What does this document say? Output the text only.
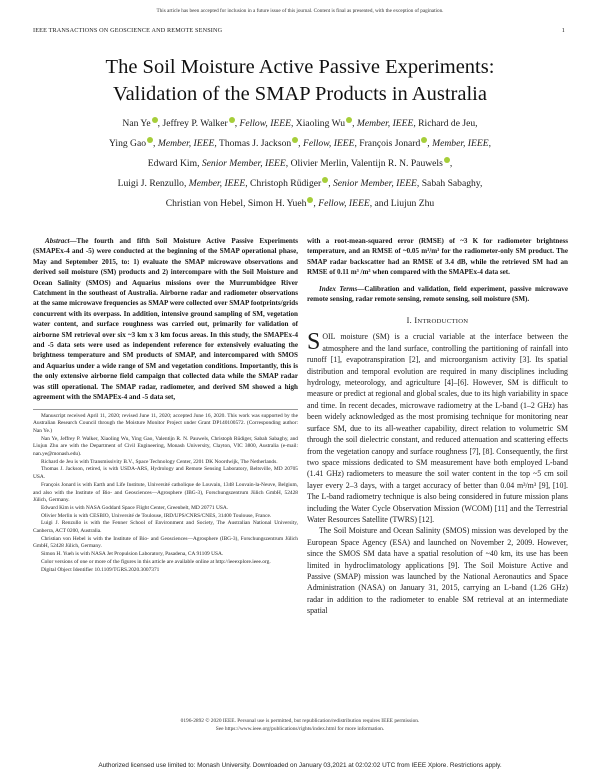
This article has been accepted for inclusion in a future issue of this journal. Content is final as presented, with the exception of pagination.
IEEE TRANSACTIONS ON GEOSCIENCE AND REMOTE SENSING	1
The Soil Moisture Active Passive Experiments:
Validation of the SMAP Products in Australia
Nan Ye , Jeffrey P. Walker , Fellow, IEEE, Xiaoling Wu , Member, IEEE, Richard de Jeu,
Ying Gao , Member, IEEE, Thomas J. Jackson , Fellow, IEEE, François Jonard , Member, IEEE,
Edward Kim, Senior Member, IEEE, Olivier Merlin, Valentijn R. N. Pauwels ,
Luigi J. Renzullo, Member, IEEE, Christoph Rüdiger , Senior Member, IEEE, Sabah Sabaghy,
Christian von Hebel, Simon H. Yueh , Fellow, IEEE, and Liujun Zhu

Abstract—The fourth and fifth Soil Moisture Active Passive Experiments (SMAPEx-4 and -5) were conducted at the beginning of the SMAP operational phase, May and September 2015, to: 1) evaluate the SMAP microwave observations and derived soil moisture (SM) products and 2) intercompare with the Soil Moisture and Ocean Salinity (SMOS) and Aquarius missions over the Murrumbidgee River Catchment in the southeast of Australia. Airborne radar and radiometer observations at the same microwave frequencies as SMAP were collected over SMAP footprints/grids concurrent with its overpass. In addition, intensive ground sampling of SM, vegetation water content, and surface roughness was carried out, primarily for validation of airborne SM retrieval over six ~3 km x 3 km focus areas. In this study, the SMAPEx-4 and -5 data sets were used as independent reference for extensively evaluating the brightness temperature and SM products of SMAP, and intercompared with SMOS and Aquarius under a wide range of SM and vegetation conditions. Importantly, this is the only extensive airborne field campaign that collected data while the SMAP radar was still operational. The SMAP radar, radiometer, and derived SM showed a high agreement with the SMAPEx-4 and -5 data set,

Manuscript received April 11, 2020; revised June 11, 2020; accepted June 16, 2020. This work was supported by the Australian Research Council through the Moisture Monitor Project under Grant DP140100572. (Corresponding author: Nan Ye.)

Nan Ye, Jeffrey P. Walker, Xiaoling Wu, Ying Gao, Valentijn R. N. Pauwels, Christoph Rüdiger, Sabah Sabaghy, and Liujun Zhu are with the Department of Civil Engineering, Monash University, Clayton, VIC 3800, Australia (e-mail: nan.ye@monash.edu).

Richard de Jeu is with Transmissivity B.V., Space Technology Center, 2201 DK Noordwijk, The Netherlands.

Thomas J. Jackson, retired, is with USDA-ARS, Hydrology and Remote Sensing Laboratory, Beltsville, MD 20705 USA.

François Jonard is with Earth and Life Institute, Université catholique de Louvain, 1348 Louvain-la-Neuve, Belgium, and also with the Institute of Bio- and Geosciences—Agrosphere (IBG-3), Forschungszentrum Jülich GmbH, 52428 Jülich, Germany.

Edward Kim is with NASA Goddard Space Flight Center, Greenbelt, MD 20771 USA.

Olivier Merlin is with CESBIO, Université de Toulouse, IRD/UPS/CNRS/CNES, 31400 Toulouse, France.

Luigi J. Renzullo is with the Fenner School of Environment and Society, The Australian National University, Canberra, ACT 0200, Australia.

Christian von Hebel is with the Institute of Bio- and Geosciences—Agrosphere (IBG-3), Forschungszentrum Jülich GmbH, 52428 Jülich, Germany.

Simon H. Yueh is with NASA Jet Propulsion Laboratory, Pasadena, CA 91109 USA.

Color versions of one or more of the figures in this article are available online at http://ieeexplore.ieee.org.

Digital Object Identifier 10.1109/TGRS.2020.3007371

with a root-mean-squared error (RMSE) of ~3 K for radiometer brightness temperature, and an RMSE of ~0.05 m³/m³ for the radiometer-only SM product. The SMAP radar backscatter had an RMSE of 3.4 dB, while the retrieved SM had an RMSE of 0.11 m³ /m³ when compared with the SMAPEx-4 data set.

Index Terms—Calibration and validation, field experiment, passive microwave remote sensing, radar remote sensing, remote sensing, soil moisture (SM).

I. INTRODUCTION

SOIL moisture (SM) is a crucial variable at the interface between the atmosphere and the land surface, controlling the partitioning of rainfall into runoff [1], evapotranspiration [2], and microorganism activity [3]. Its spatial distribution and temporal evolution are required in many disciplines including hydrology, meteorology, and agriculture [4]–[6]. However, SM is difficult to measure or predict at regional and global scales, due to its high variability in space and time. In recent decades, microwave radiometry at the L-band (1–2 GHz) has been widely acknowledged as the most promising technique for monitoring near surface SM, due to its all-weather capability, direct relation to volumetric SM through the soil dielectric constant, and reduced attenuation and scattering effects from the vegetation canopy and surface roughness [7], [8]. Consequently, the first two space missions dedicated to SM measurement have both employed L-band (1.41 GHz) radiometers to measure the soil water content in the top ~5 cm soil layer every 2–3 days, with a target accuracy of better than 0.04 m³/m³ [9], [10]. The L-band radiometry technique is also being considered in future mission plans including the Water Cycle Observation Mission (WCOM) [11] and the Terrestrial Water Resources Satellite (TWRS) [12].

The Soil Moisture and Ocean Salinity (SMOS) mission was developed by the European Space Agency (ESA) and launched on November 2, 2009. However, since the SMOS SM data have a spatial resolution of ~40 km, its use has been limited in hydroclimatology applications [9]. The Soil Moisture Active and Passive (SMAP) mission was launched by the National Aeronautics and Space Administration (NASA) on January 31, 2015, carrying an L-band (1.26 GHz) radar in addition to the radiometer to enable SM retrieval at an intermediate spatial

0196-2892 © 2020 IEEE. Personal use is permitted, but republication/redistribution requires IEEE permission.
See https://www.ieee.org/publications/rights/index.html for more information.
Authorized licensed use limited to: Monash University. Downloaded on January 03,2021 at 02:02:02 UTC from IEEE Xplore. Restrictions apply.
